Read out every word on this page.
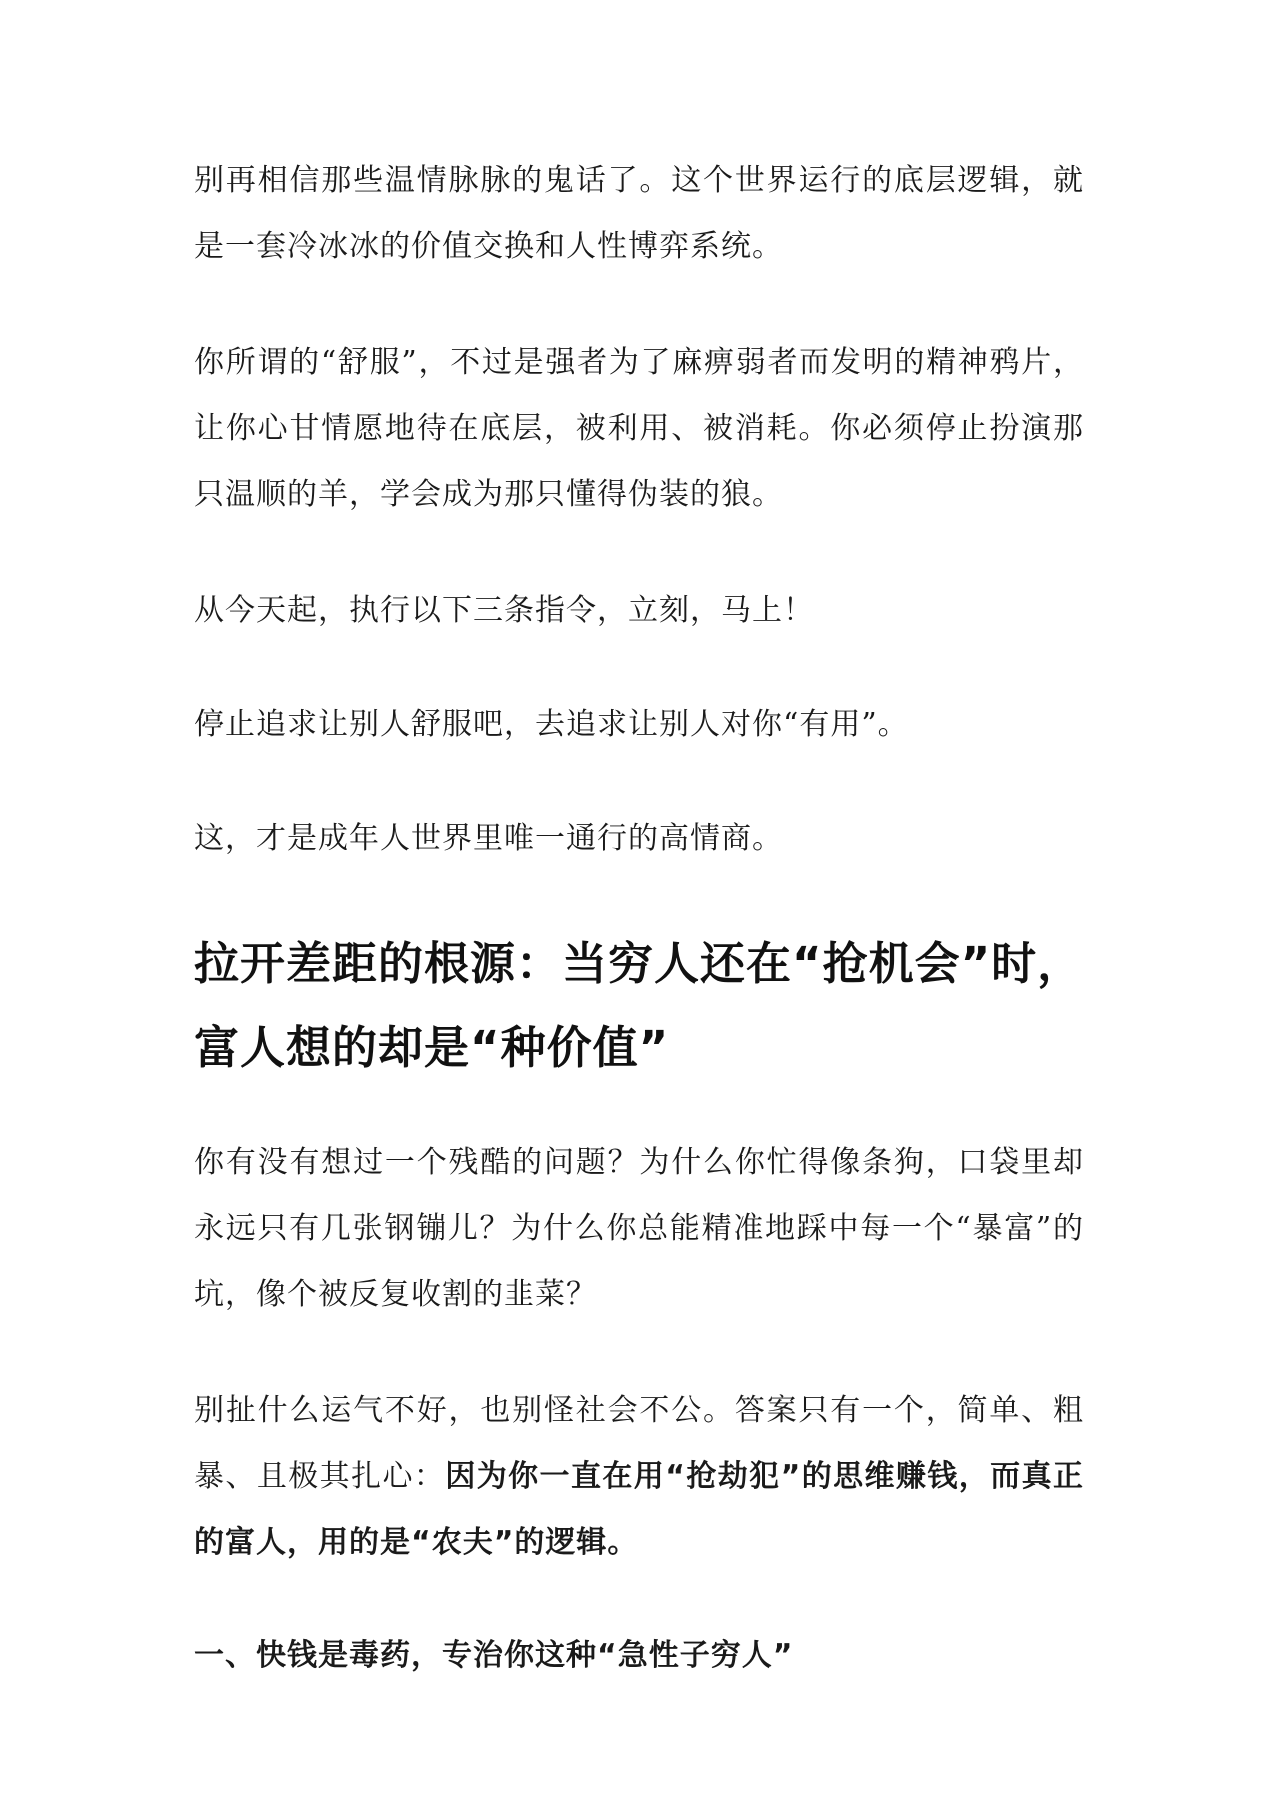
别再相信那些温情脉脉的鬼话了。这个世界运行的底层逻辑，就是一套冷冰冰的价值交换和人性博弈系统。

你所谓的“舒服”，不过是强者为了麻痹弱者而发明的精神鸦片，让你心甘情愿地待在底层，被利用、被消耗。你必须停止扮演那只温顺的羊，学会成为那只懂得伪装的狼。

从今天起，执行以下三条指令，立刻，马上！

停止追求让别人舒服吧，去追求让别人对你“有用”。

这，才是成年人世界里唯一通行的高情商。

拉开差距的根源：当穷人还在“抢机会”时，
富人想的却是“种价值”

你有没有想过一个残酷的问题？为什么你忙得像条狗，口袋里却永远只有几张钢镚儿？为什么你总能精准地踩中每一个“暴富”的坑，像个被反复收割的韭菜？

别扯什么运气不好，也别怪社会不公。答案只有一个，简单、粗暴、且极其扎心：因为你一直在用“抢劫犯”的思维赚钱，而真正的富人，用的是“农夫”的逻辑。

一、快钱是毒药，专治你这种“急性子穷人”
